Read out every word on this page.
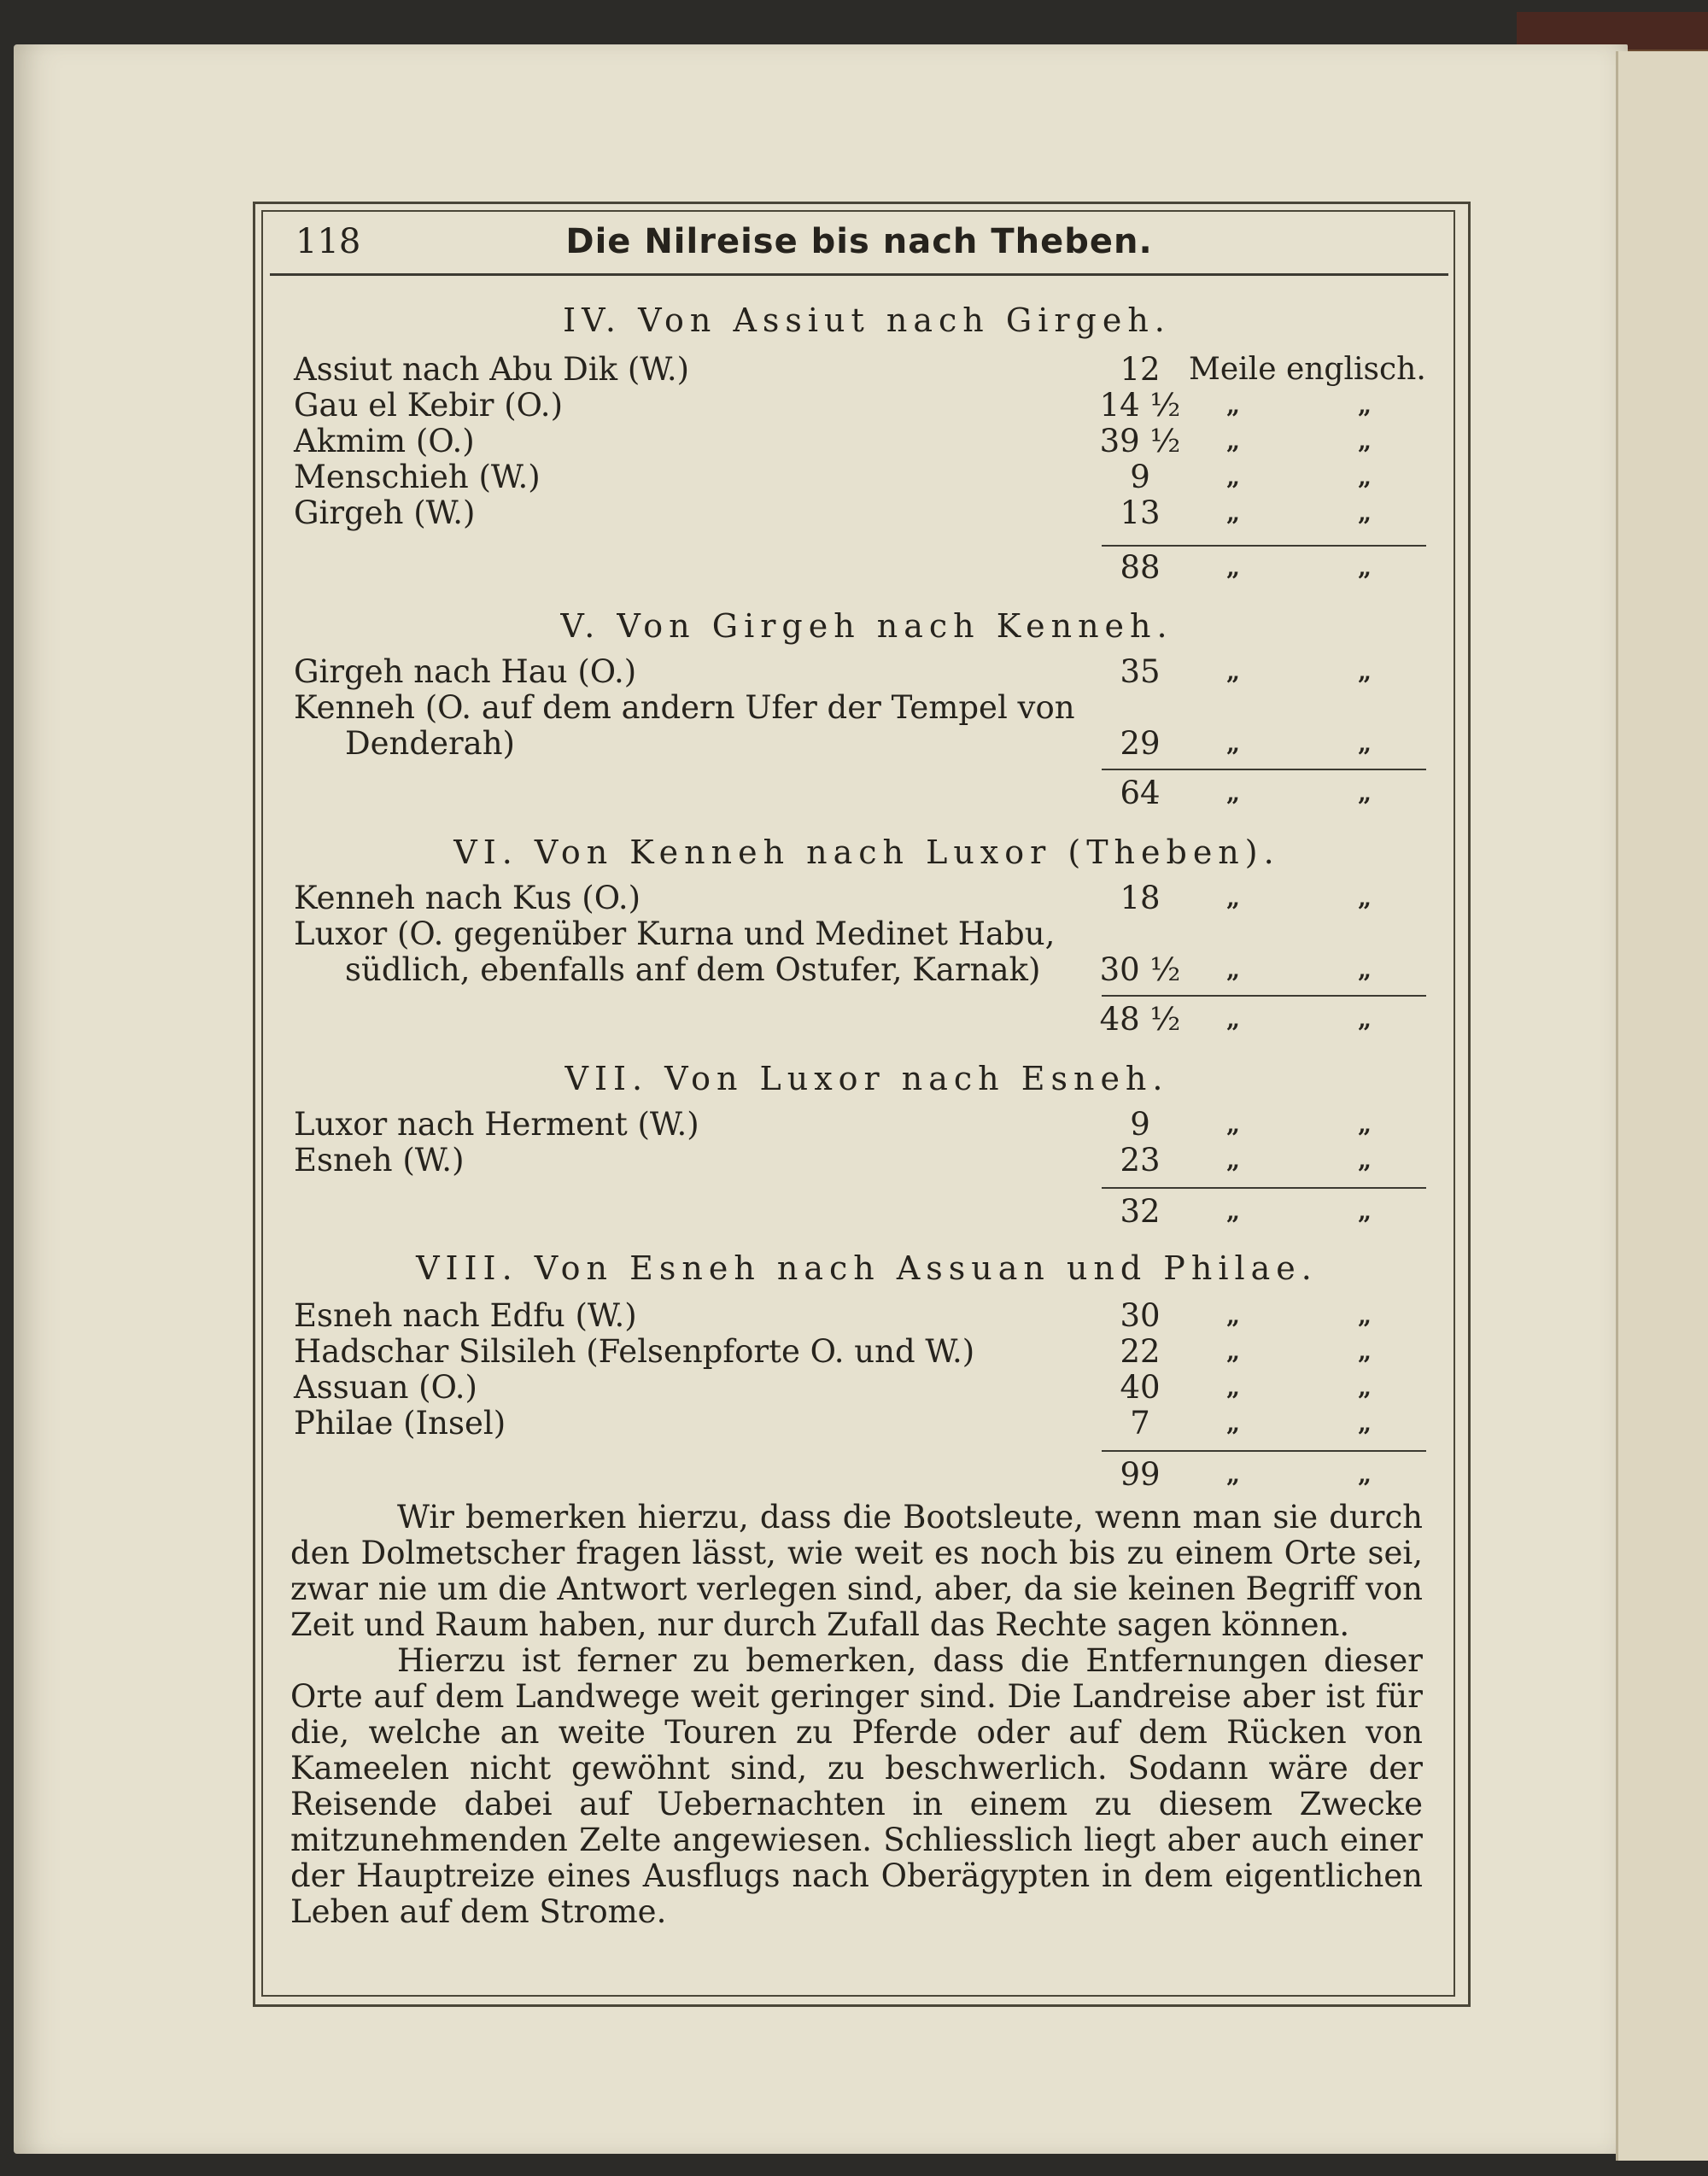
118	Die Nilreise bis nach Theben.
IV. Von Assiut nach Girgeh.
Assiut nach Abu Dik (W.)	12 Meile englisch.
Gau el Kebir (O.)	14 ½ „	„
Akmim (O.)	39 ½ „	„
Menschieh (W.)	9	„	„
Girgeh (W.)	13	„	„
88	„	„
V. Von Girgeh nach Kenneh.
Girgeh nach Hau (O.)	35	„	„
Kenneh (O. auf dem andern Ufer der Tempel von
Denderah)	29	„	„
64	„	„
VI. Von Kenneh nach Luxor (Theben).
Kenneh nach Kus (O.)	18	„	„
Luxor (O. gegenüber Kurna und Medinet Habu,
südlich, ebenfalls anf dem Ostufer, Karnak) 30 ½ „	„
48 ½ „	„
VII. Von Luxor nach Esneh.
Luxor nach Herment (W.)	9	„	„
Esneh (W.)	23	„	„
32	„	„
VIII. Von Esneh nach Assuan und Philae.
Esneh nach Edfu (W.)	30	„	„
Hadschar Silsileh (Felsenpforte O. und W.)	22	„	„
Assuan (O.)	40	„	„
Philae (Insel)	7	„	„
99	„	„

Wir bemerken hierzu, dass die Bootsleute, wenn man sie durch den Dolmetscher fragen lässt, wie weit es noch bis zu einem Orte sei, zwar nie um die Antwort verlegen sind, aber, da sie keinen Begriff von Zeit und Raum haben, nur durch Zufall das Rechte sagen können.

Hierzu ist ferner zu bemerken, dass die Entfernungen dieser Orte auf dem Landwege weit geringer sind. Die Landreise aber ist für die, welche an weite Touren zu Pferde oder auf dem Rücken von Kameelen nicht gewöhnt sind, zu beschwerlich. Sodann wäre der Reisende dabei auf Uebernachten in einem zu diesem Zwecke mitzunehmenden Zelte angewiesen. Schliesslich liegt aber auch einer der Hauptreize eines Ausflugs nach Oberägypten in dem eigentlichen Leben auf dem Strome.
